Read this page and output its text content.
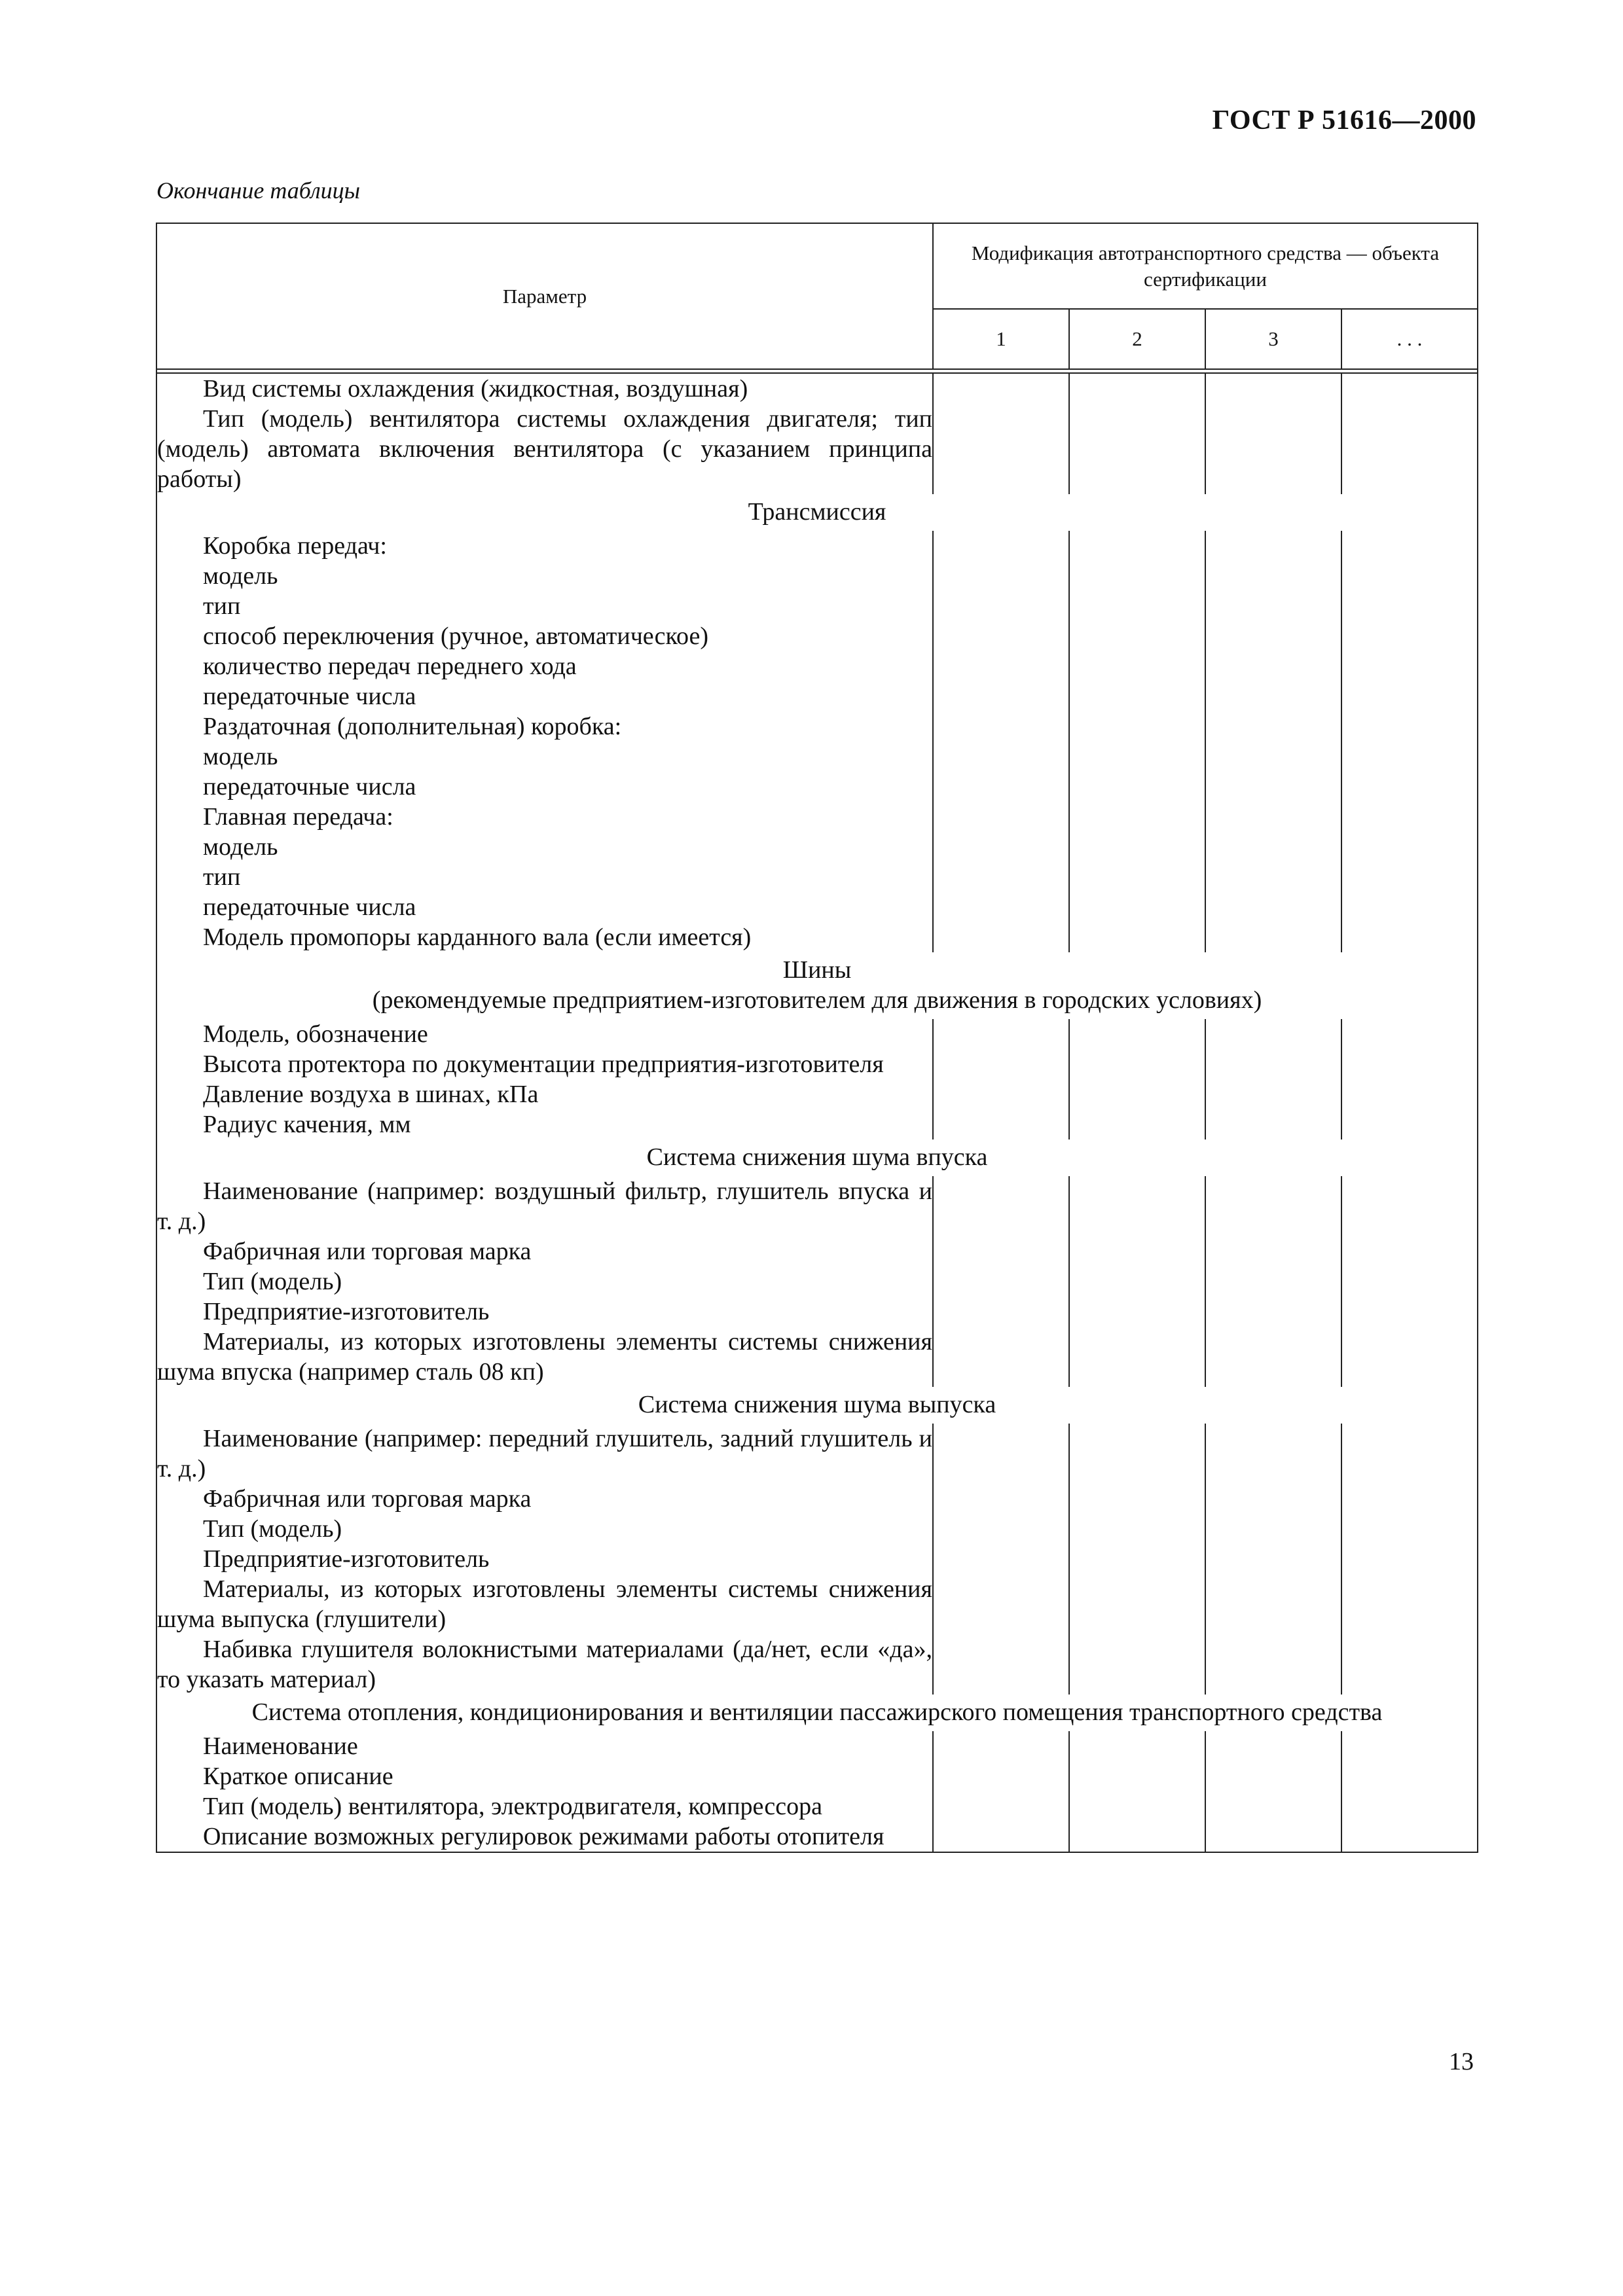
ГОСТ Р 51616—2000
Окончание таблицы
Параметр	Модификация автотранспортного средства — объекта сертификации			
	1	2	3	. . .

Вид системы охлаждения (жидкостная, воздушная)				

Тип (модель) вентилятора системы охлаждения двигателя; тип (модель) автомата включения вентилятора (с указанием принципа работы)				

Трансмиссия				

Коробка передач:				

модель				

тип				

способ переключения (ручное, автоматическое)				

количество передач переднего хода				

передаточные числа				

Раздаточная (дополнительная) коробка:				

модель				

передаточные числа				

Главная передача:				

модель				

тип				

передаточные числа				

Модель промопоры карданного вала (если имеется)				

Шины
(рекомендуемые предприятием-изготовителем для движения в городских условиях)				

Модель, обозначение				

Высота протектора по документации предприятия-изготовителя				

Давление воздуха в шинах, кПа				

Радиус качения, мм				

Система снижения шума впуска				

Наименование (например: воздушный фильтр, глушитель впуска и т. д.)				

Фабричная или торговая марка				

Тип (модель)				

Предприятие-изготовитель				

Материалы, из которых изготовлены элементы системы снижения шума впуска (например сталь 08 кп)				

Система снижения шума выпуска				

Наименование (например: передний глушитель, задний глушитель и т. д.)				

Фабричная или торговая марка				

Тип (модель)				

Предприятие-изготовитель				

Материалы, из которых изготовлены элементы системы снижения шума выпуска (глушители)				

Набивка глушителя волокнистыми материалами (да/нет, если «да», то указать материал)				

Система отопления, кондиционирования и вентиляции пассажирского помещения транспортного средства				

Наименование				

Краткое описание				

Тип (модель) вентилятора, электродвигателя, компрессора				

Описание возможных регулировок режимами работы отопителя				

13
